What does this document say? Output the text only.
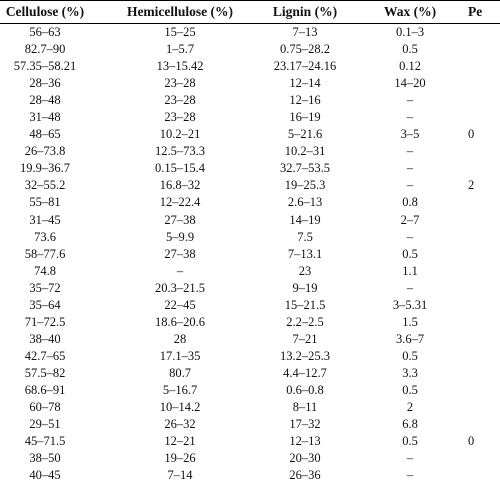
Cellulose (%)	Hemicellulose (%)	Lignin (%)	Wax (%)	Pe
56–63	15–25	7–13	0.1–3
82.7–90	1–5.7	0.75–28.2	0.5
57.35–58.21	13–15.42	23.17–24.16	0.12
28–36	23–28	12–14	14–20
28–48	23–28	12–16	–
31–48	23–28	16–19	–
48–65	10.2–21	5–21.6	3–5	0
26–73.8	12.5–73.3	10.2–31	–
19.9–36.7	0.15–15.4	32.7–53.5	–
32–55.2	16.8–32	19–25.3	–	2
55–81	12–22.4	2.6–13	0.8
31–45	27–38	14–19	2–7
73.6	5–9.9	7.5	–
58–77.6	27–38	7–13.1	0.5
74.8	–	23	1.1
35–72	20.3–21.5	9–19	–
35–64	22–45	15–21.5	3–5.31
71–72.5	18.6–20.6	2.2–2.5	1.5
38–40	28	7–21	3.6–7
42.7–65	17.1–35	13.2–25.3	0.5
57.5–82	80.7	4.4–12.7	3.3
68.6–91	5–16.7	0.6–0.8	0.5
60–78	10–14.2	8–11	2
29–51	26–32	17–32	6.8
45–71.5	12–21	12–13	0.5	0
38–50	19–26	20–30	–
40–45	7–14	26–36	–
